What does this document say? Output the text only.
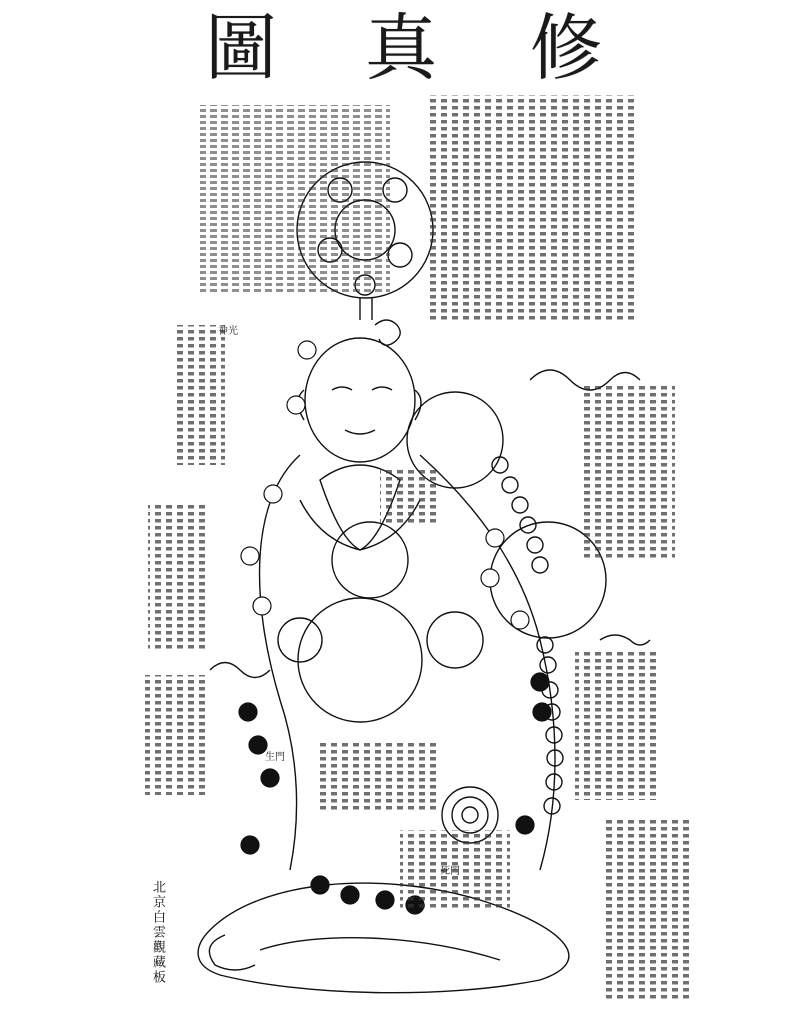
圖 真 修
神光
生門
死門
北京白雲觀藏板
